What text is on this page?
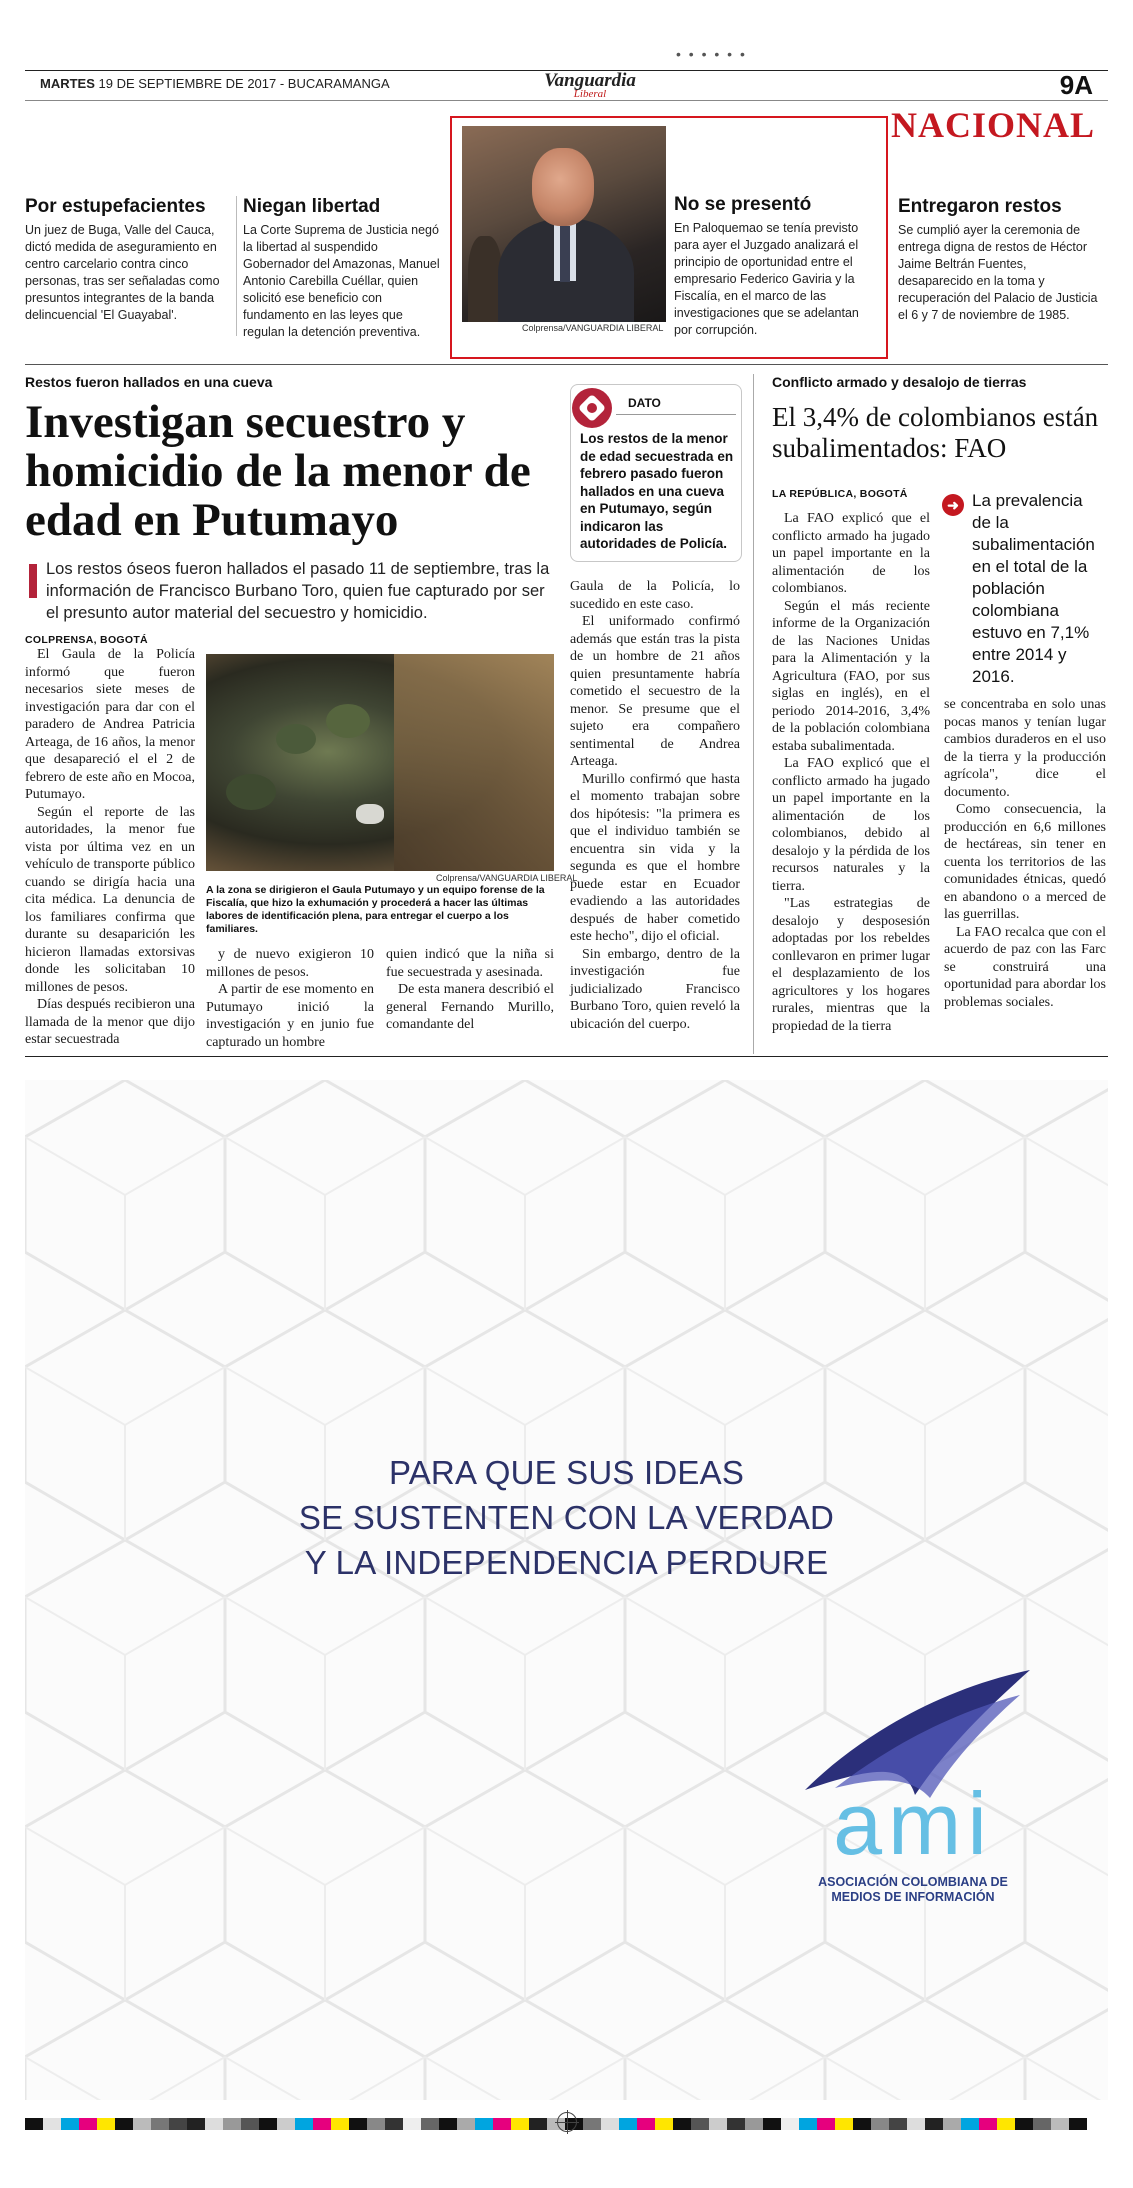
• • • • • •
MARTES 19 DE SEPTIEMBRE DE 2017 - BUCARAMANGA	Vanguardia
Liberal	9A
NACIONAL
Por estupefacientes
Un juez de Buga, Valle del Cauca, dictó medida de aseguramiento en centro carcelario contra cinco personas, tras ser señaladas como presuntos integrantes de la banda delincuencial 'El Guayabal'.
Niegan libertad
La Corte Suprema de Justicia negó la libertad al suspendido Gobernador del Amazonas, Manuel Antonio Carebilla Cuéllar, quien solicitó ese beneficio con fundamento en las leyes que regulan la detención preventiva.	Colprensa/VANGUARDIA LIBERAL
No se presentó
En Paloquemao se tenía previsto para ayer el Juzgado analizará el principio de oportunidad entre el empresario Federico Gaviria y la Fiscalía, en el marco de las investigaciones que se adelantan por corrupción.
Entregaron restos
Se cumplió ayer la ceremonia de entrega digna de restos de Héctor Jaime Beltrán Fuentes, desaparecido en la toma y recuperación del Palacio de Justicia el 6 y 7 de noviembre de 1985.
Restos fueron hallados en una cueva
Investigan secuestro y homicidio de la menor de edad en Putumayo
Los restos óseos fueron hallados el pasado 11 de septiembre, tras la información de Francisco Burbano Toro, quien fue capturado por ser el presunto autor material del secuestro y homicidio.
COLPRENSA, BOGOTÁ

El Gaula de la Policía informó que fueron necesarios siete meses de investigación para dar con el paradero de Andrea Patricia Arteaga, de 16 años, la menor que desapareció el el 2 de febrero de este año en Mocoa, Putumayo.

Según el reporte de las autoridades, la menor fue vista por última vez en un vehículo de transporte público cuando se dirigía hacia una cita médica. La denuncia de los familiares confirma que durante su desaparición les hicieron llamadas extorsivas donde les solicitaban 10 millones de pesos.

Días después recibieron una llamada de la menor que dijo estar secuestrada

Colprensa/VANGUARDIA LIBERAL
A la zona se dirigieron el Gaula Putumayo y un equipo forense de la Fiscalía, que hizo la exhumación y procederá a hacer las últimas labores de identificación plena, para entregar el cuerpo a los familiares.

y de nuevo exigieron 10 millones de pesos.

A partir de ese momento en Putumayo inició la investigación y en junio fue capturado un hombre

quien indicó que la niña si fue secuestrada y asesinada.

De esta manera describió el general Fernando Murillo, comandante del

DATO
Los restos de la menor de edad secuestrada en febrero pasado fueron hallados en una cueva en Putumayo, según indicaron las autoridades de Policía.

Gaula de la Policía, lo sucedido en este caso.

El uniformado confirmó además que están tras la pista de un hombre de 21 años quien presuntamente habría cometido el secuestro de la menor. Se presume que el sujeto era compañero sentimental de Andrea Arteaga.

Murillo confirmó que hasta el momento trabajan sobre dos hipótesis: "la primera es que el individuo también se encuentra sin vida y la segunda es que el hombre puede estar en Ecuador evadiendo a las autoridades después de haber cometido este hecho", dijo el oficial.

Sin embargo, dentro de la investigación fue judicializado Francisco Burbano Toro, quien reveló la ubicación del cuerpo.

Conflicto armado y desalojo de tierras
El 3,4% de colombianos están subalimentados: FAO
LA REPÚBLICA, BOGOTÁ

La FAO explicó que el conflicto armado ha jugado un papel importante en la alimentación de los colombianos.

Según el más reciente informe de la Organización de las Naciones Unidas para la Alimentación y la Agricultura (FAO, por sus siglas en inglés), en el periodo 2014-2016, 3,4% de la población colombiana estaba subalimentada.

La FAO explicó que el conflicto armado ha jugado un papel importante en la alimentación de los colombianos, debido al desalojo y la pérdida de los recursos naturales y la tierra.

"Las estrategias de desalojo y desposesión adoptadas por los rebeldes conllevaron en primer lugar el desplazamiento de los agricultores y los hogares rurales, mientras que la propiedad de la tierra

➜ La prevalencia de la subalimentación en el total de la población colombiana estuvo en 7,1% entre 2014 y 2016.

se concentraba en solo unas pocas manos y tenían lugar cambios duraderos en el uso de la tierra y la producción agrícola", dice el documento.

Como consecuencia, la producción en 6,6 millones de hectáreas, sin tener en cuenta los territorios de las comunidades étnicas, quedó en abandono o a merced de las guerrillas.

La FAO recalca que con el acuerdo de paz con las Farc se construirá una oportunidad para abordar los problemas sociales.

PARA QUE SUS IDEAS
SE SUSTENTEN CON LA VERDAD
Y LA INDEPENDENCIA PERDURE
ami
ASOCIACIÓN COLOMBIANA DE
MEDIOS DE INFORMACIÓN
